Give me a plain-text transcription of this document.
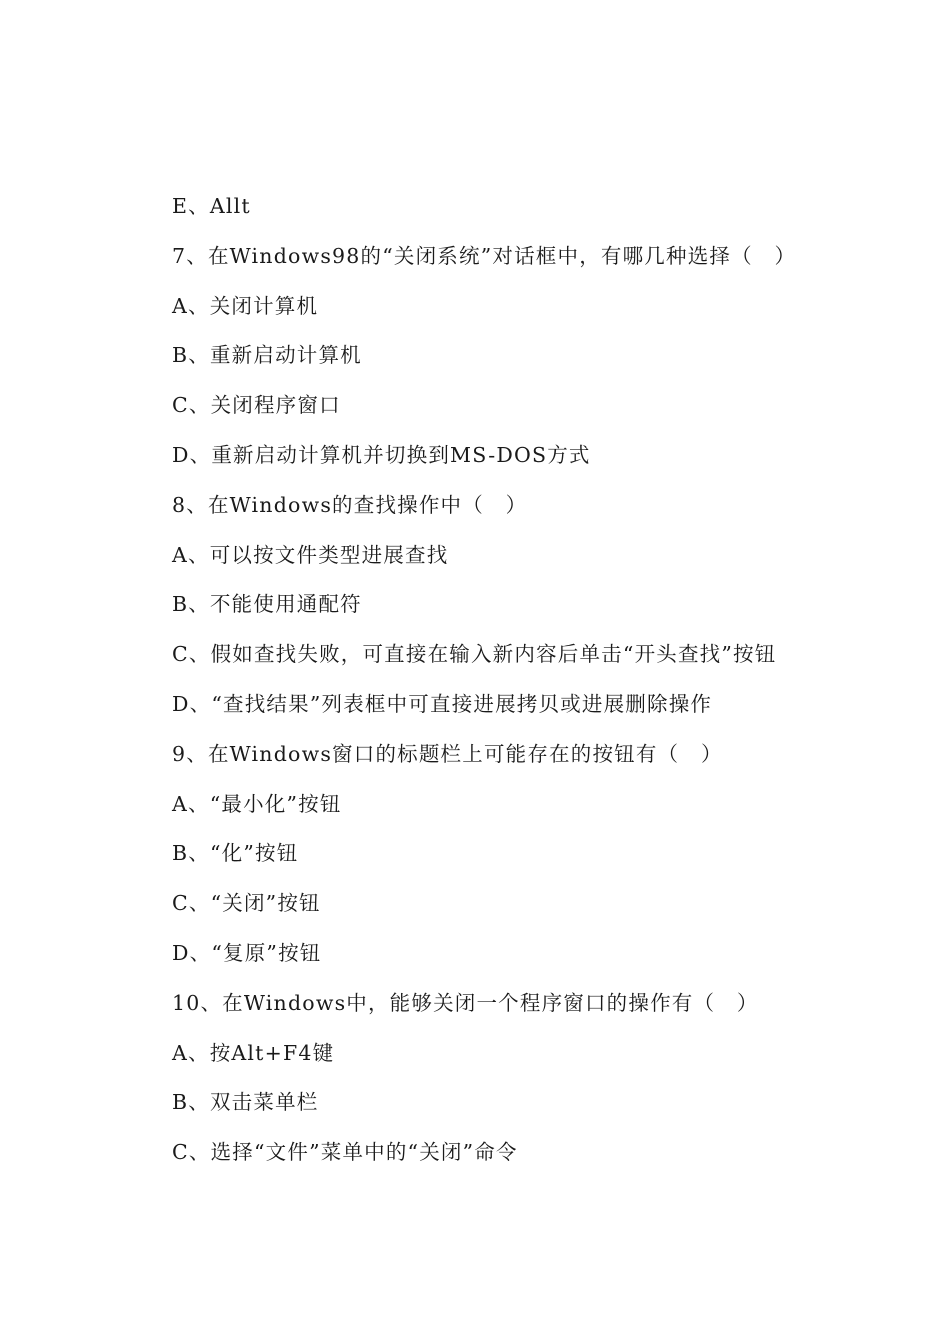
E、Allt
7、在Windows98的“关闭系统”对话框中，有哪几种选择（　）
A、关闭计算机
B、重新启动计算机
C、关闭程序窗口
D、重新启动计算机并切换到MS-DOS方式
8、在Windows的查找操作中（　）
A、可以按文件类型进展查找
B、不能使用通配符
C、假如查找失败，可直接在输入新内容后单击“开头查找”按钮
D、“查找结果”列表框中可直接进展拷贝或进展删除操作
9、在Windows窗口的标题栏上可能存在的按钮有（　）
A、“最小化”按钮
B、“化”按钮
C、“关闭”按钮
D、“复原”按钮
10、在Windows中，能够关闭一个程序窗口的操作有（　）
A、按Alt+F4键
B、双击菜单栏
C、选择“文件”菜单中的“关闭”命令
